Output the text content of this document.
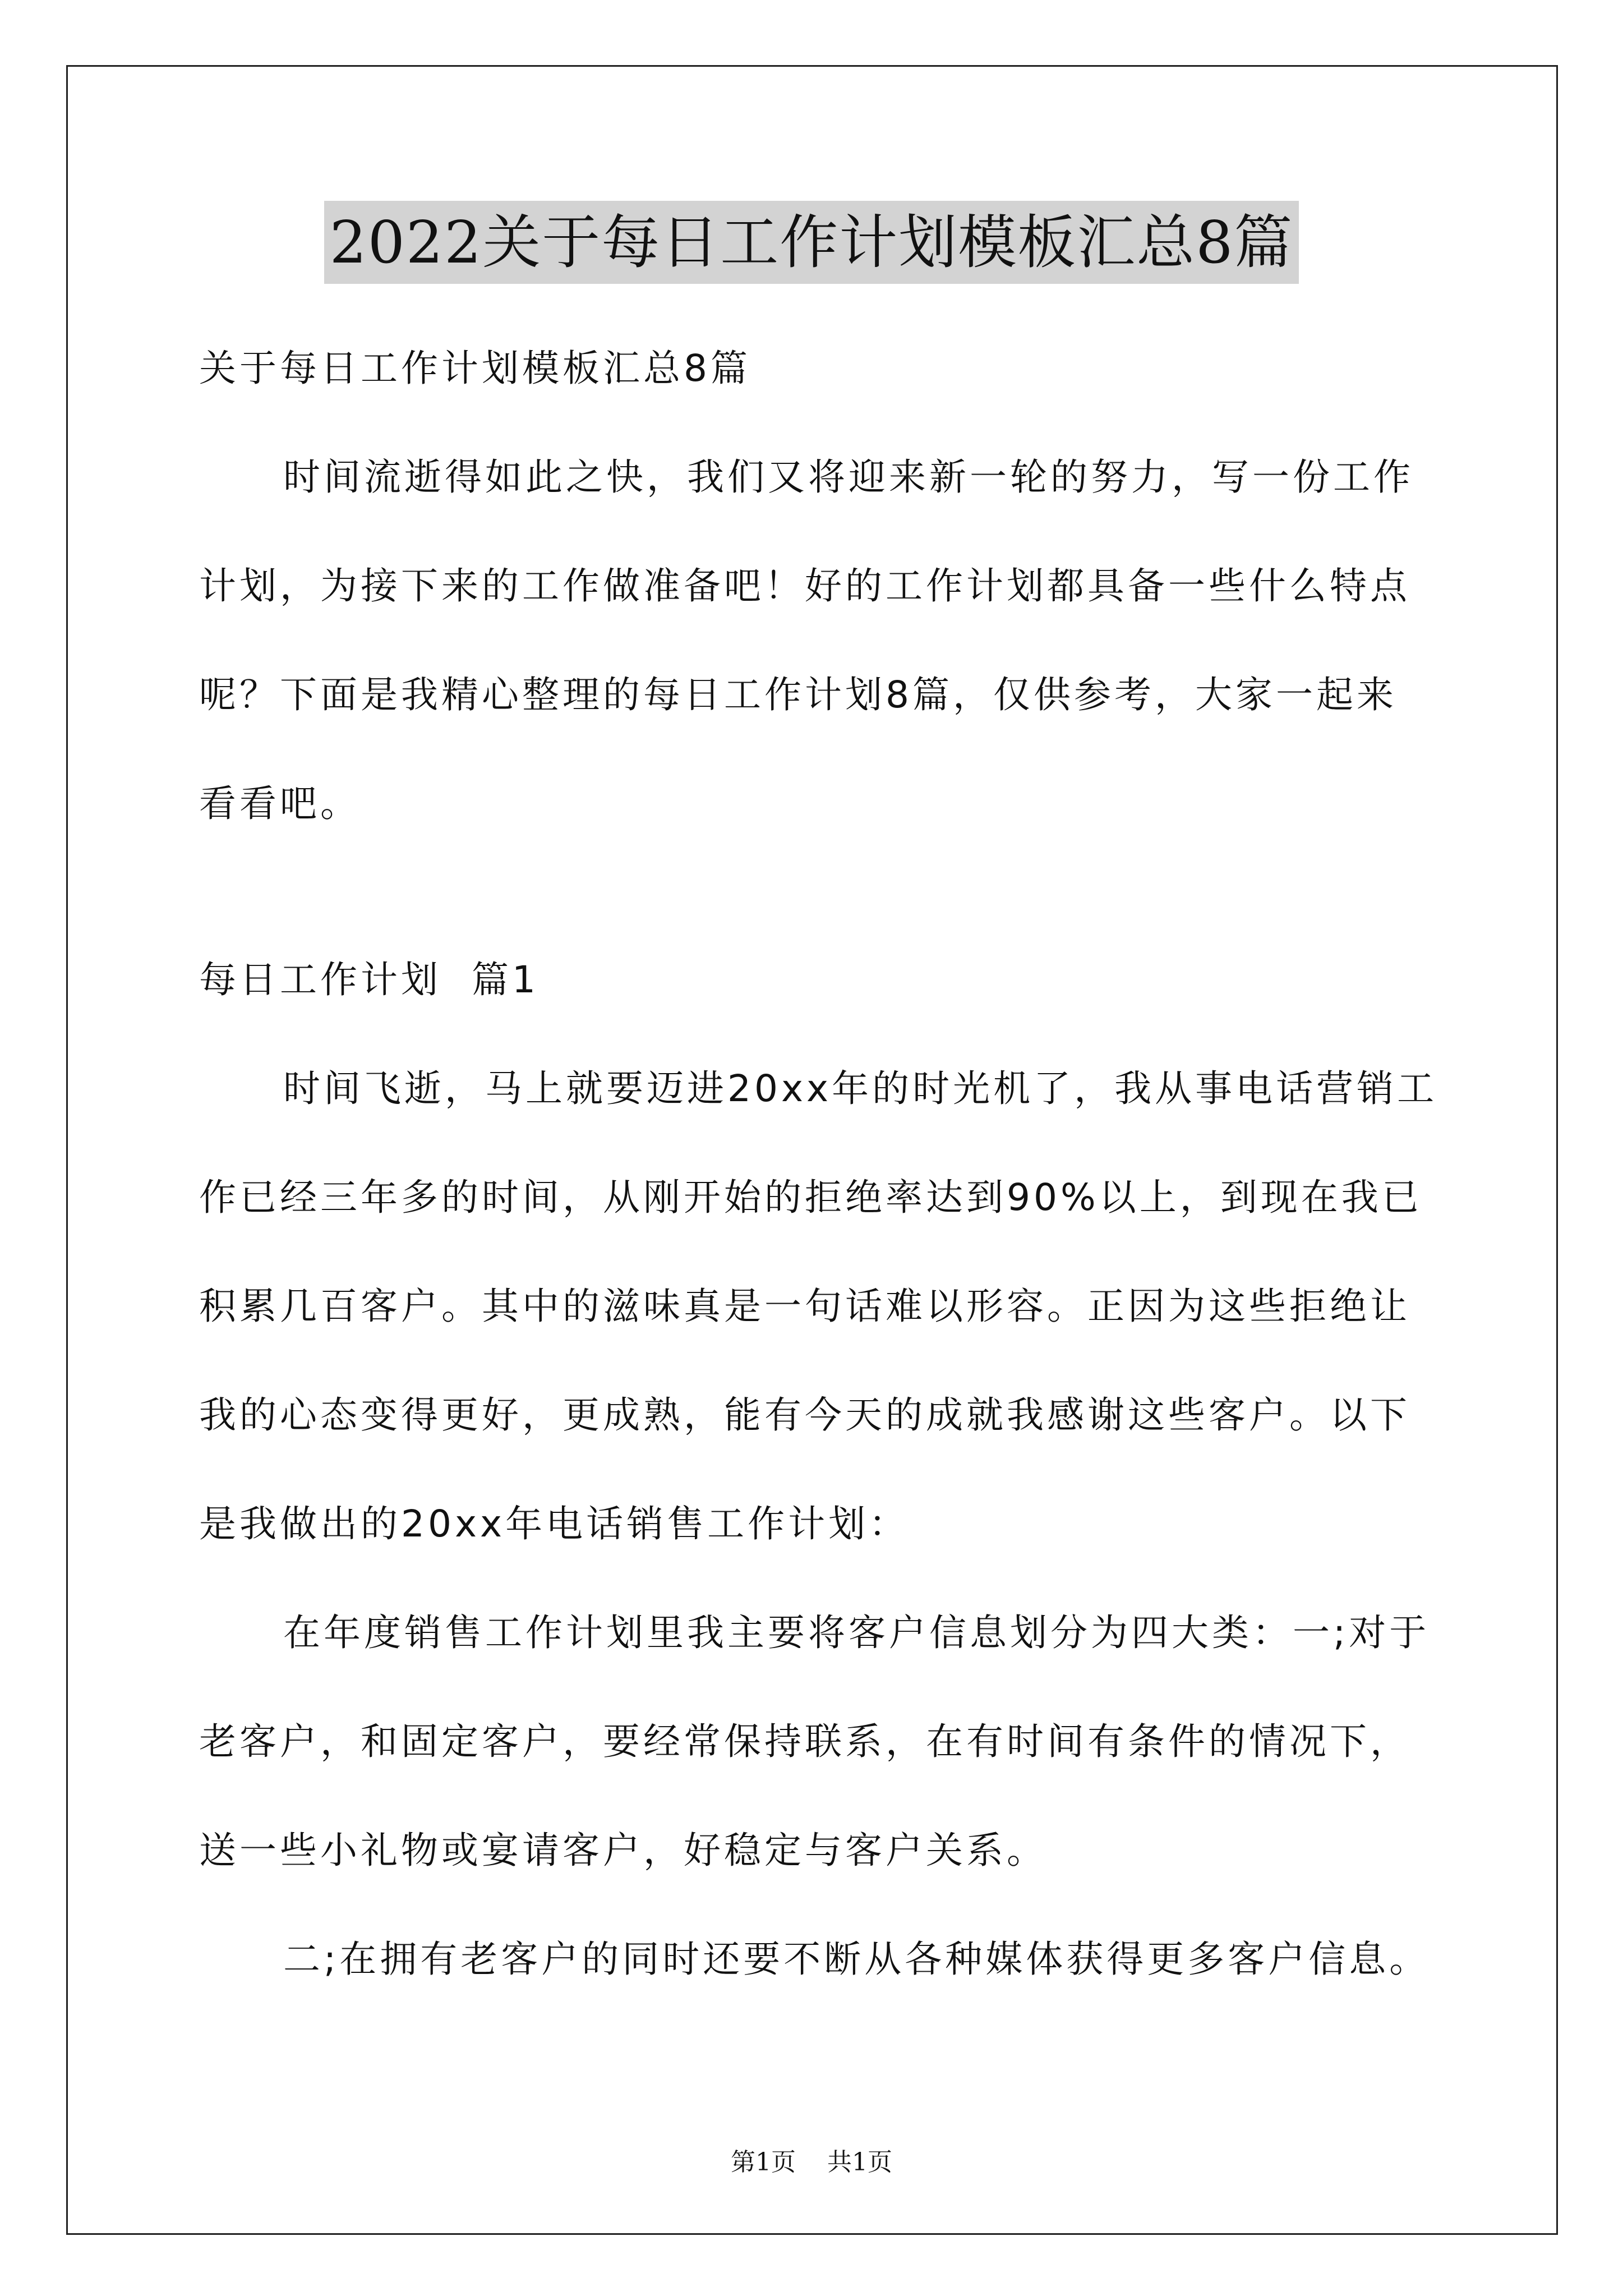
2022关于每日工作计划模板汇总8篇
关于每日工作计划模板汇总8篇
时间流逝得如此之快，我们又将迎来新一轮的努力，写一份工作
计划，为接下来的工作做准备吧！好的工作计划都具备一些什么特点
呢？下面是我精心整理的每日工作计划8篇，仅供参考，大家一起来
看看吧。
每日工作计划  篇1
时间飞逝，马上就要迈进20xx年的时光机了，我从事电话营销工
作已经三年多的时间，从刚开始的拒绝率达到90%以上，到现在我已
积累几百客户。其中的滋味真是一句话难以形容。正因为这些拒绝让
我的心态变得更好，更成熟，能有今天的成就我感谢这些客户。以下
是我做出的20xx年电话销售工作计划：
在年度销售工作计划里我主要将客户信息划分为四大类：一;对于
老客户，和固定客户，要经常保持联系，在有时间有条件的情况下，
送一些小礼物或宴请客户，好稳定与客户关系。
二;在拥有老客户的同时还要不断从各种媒体获得更多客户信息。
第1页    共1页
